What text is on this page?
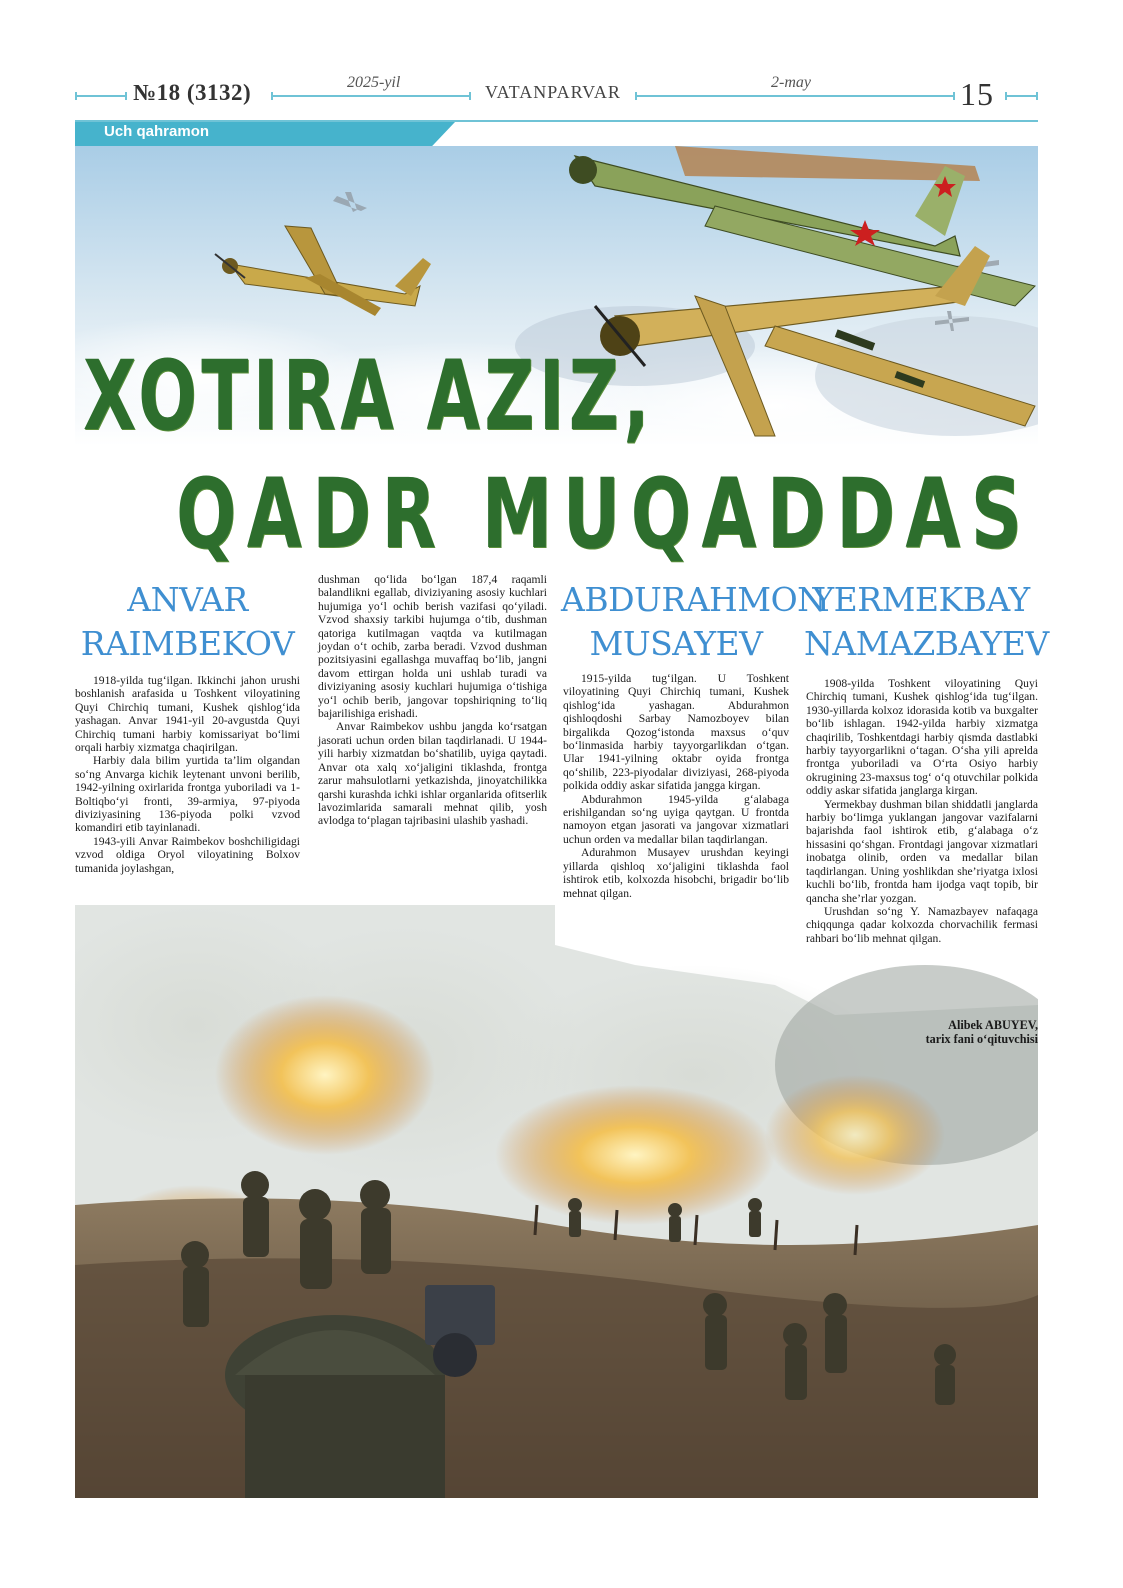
№18 (3132)	2025-yil	VATANPARVAR	2-may	15
Uch qahramon
XOTIRA AZIZ,
QADR MUQADDAS
ANVAR
RAIMBEKOV

1918-yilda tug‘ilgan. Ikkinchi jahon urushi boshlanish arafasida u Toshkent viloyatining Quyi Chirchiq tumani, Kushek qishlog‘ida yashagan. Anvar 1941-yil 20-avgustda Quyi Chirchiq tumani harbiy komissariyat bo‘limi orqali harbiy xizmatga chaqirilgan.

Harbiy dala bilim yurtida ta’lim olgandan so‘ng Anvarga kichik leytenant unvoni berilib, 1942-yilning oxirlarida frontga yuboriladi va 1-Boltiqbo‘yi fronti, 39-armiya, 97-piyoda diviziyasining 136-piyoda polki vzvod komandiri etib tayinlanadi.

1943-yili Anvar Raimbekov boshchiligidagi vzvod oldiga Oryol viloyatining Bolxov tumanida joylashgan,

dushman qo‘lida bo‘lgan 187,4 raqamli balandlikni egallab, diviziyaning asosiy kuchlari hujumiga yo‘l ochib berish vazifasi qo‘yiladi. Vzvod shaxsiy tarkibi hujumga o‘tib, dushman qatoriga kutilmagan vaqtda va kutilmagan joydan o‘t ochib, zarba beradi. Vzvod dushman pozitsiyasini egallashga muvaffaq bo‘lib, jangni davom ettirgan holda uni ushlab turadi va diviziyaning asosiy kuchlari hujumiga o‘tishiga yo‘l ochib berib, jangovar topshiriqning to‘liq bajarilishiga erishadi.

Anvar Raimbekov ushbu jangda ko‘rsatgan jasorati uchun orden bilan taqdirlanadi. U 1944-yili harbiy xizmatdan bo‘shatilib, uyiga qaytadi. Anvar ota xalq xo‘jaligini tiklashda, frontga zarur mahsulotlarni yetkazishda, jinoyatchilikka qarshi kurashda ichki ishlar organlarida ofitserlik lavozimlarida samarali mehnat qilib, yosh avlodga to‘plagan tajribasini ulashib yashadi.

ABDURAHMON
MUSAYEV

1915-yilda tug‘ilgan. U Toshkent viloyatining Quyi Chirchiq tumani, Kushek qishlog‘ida yashagan. Abdurahmon qishloqdoshi Sarbay Namozboyev bilan birgalikda Qozog‘istonda maxsus o‘quv bo‘linmasida harbiy tayyorgarlikdan o‘tgan. Ular 1941-yilning oktabr oyida frontga qo‘shilib, 223-piyodalar diviziyasi, 268-piyoda polkida oddiy askar sifatida jangga kirgan.

Abdurahmon 1945-yilda g‘alabaga erishilgandan so‘ng uyiga qaytgan. U frontda namoyon etgan jasorati va jangovar xizmatlari uchun orden va medallar bilan taqdirlangan.

Adurahmon Musayev urushdan keyingi yillarda qishloq xo‘jaligini tiklashda faol ishtirok etib, kolxozda hisobchi, brigadir bo‘lib mehnat qilgan.

YERMEKBAY
NAMAZBAYEV

1908-yilda Toshkent viloyatining Quyi Chirchiq tumani, Kushek qishlog‘ida tug‘ilgan. 1930-yillarda kolxoz idorasida kotib va buxgalter bo‘lib ishlagan. 1942-yilda harbiy xizmatga chaqirilib, Toshkentdagi harbiy qismda dastlabki harbiy tayyorgarlikni o‘tagan. O‘sha yili aprelda frontga yuboriladi va O‘rta Osiyo harbiy okrugining 23-maxsus tog‘ o‘q otuvchilar polkida oddiy askar sifatida janglarga kirgan.

Yermekbay dushman bilan shiddatli janglarda harbiy bo‘limga yuklangan jangovar vazifalarni bajarishda faol ishtirok etib, g‘alabaga o‘z hissasini qo‘shgan. Frontdagi jangovar xizmatlari inobatga olinib, orden va medallar bilan taqdirlangan. Uning yoshlikdan she’riyatga ixlosi kuchli bo‘lib, frontda ham ijodga vaqt topib, bir qancha she’rlar yozgan.

Urushdan so‘ng Y. Namazbayev nafaqaga chiqqunga qadar kolxozda chorvachilik fermasi rahbari bo‘lib mehnat qilgan.

Alibek ABUYEV,
tarix fani o‘qituvchisi
